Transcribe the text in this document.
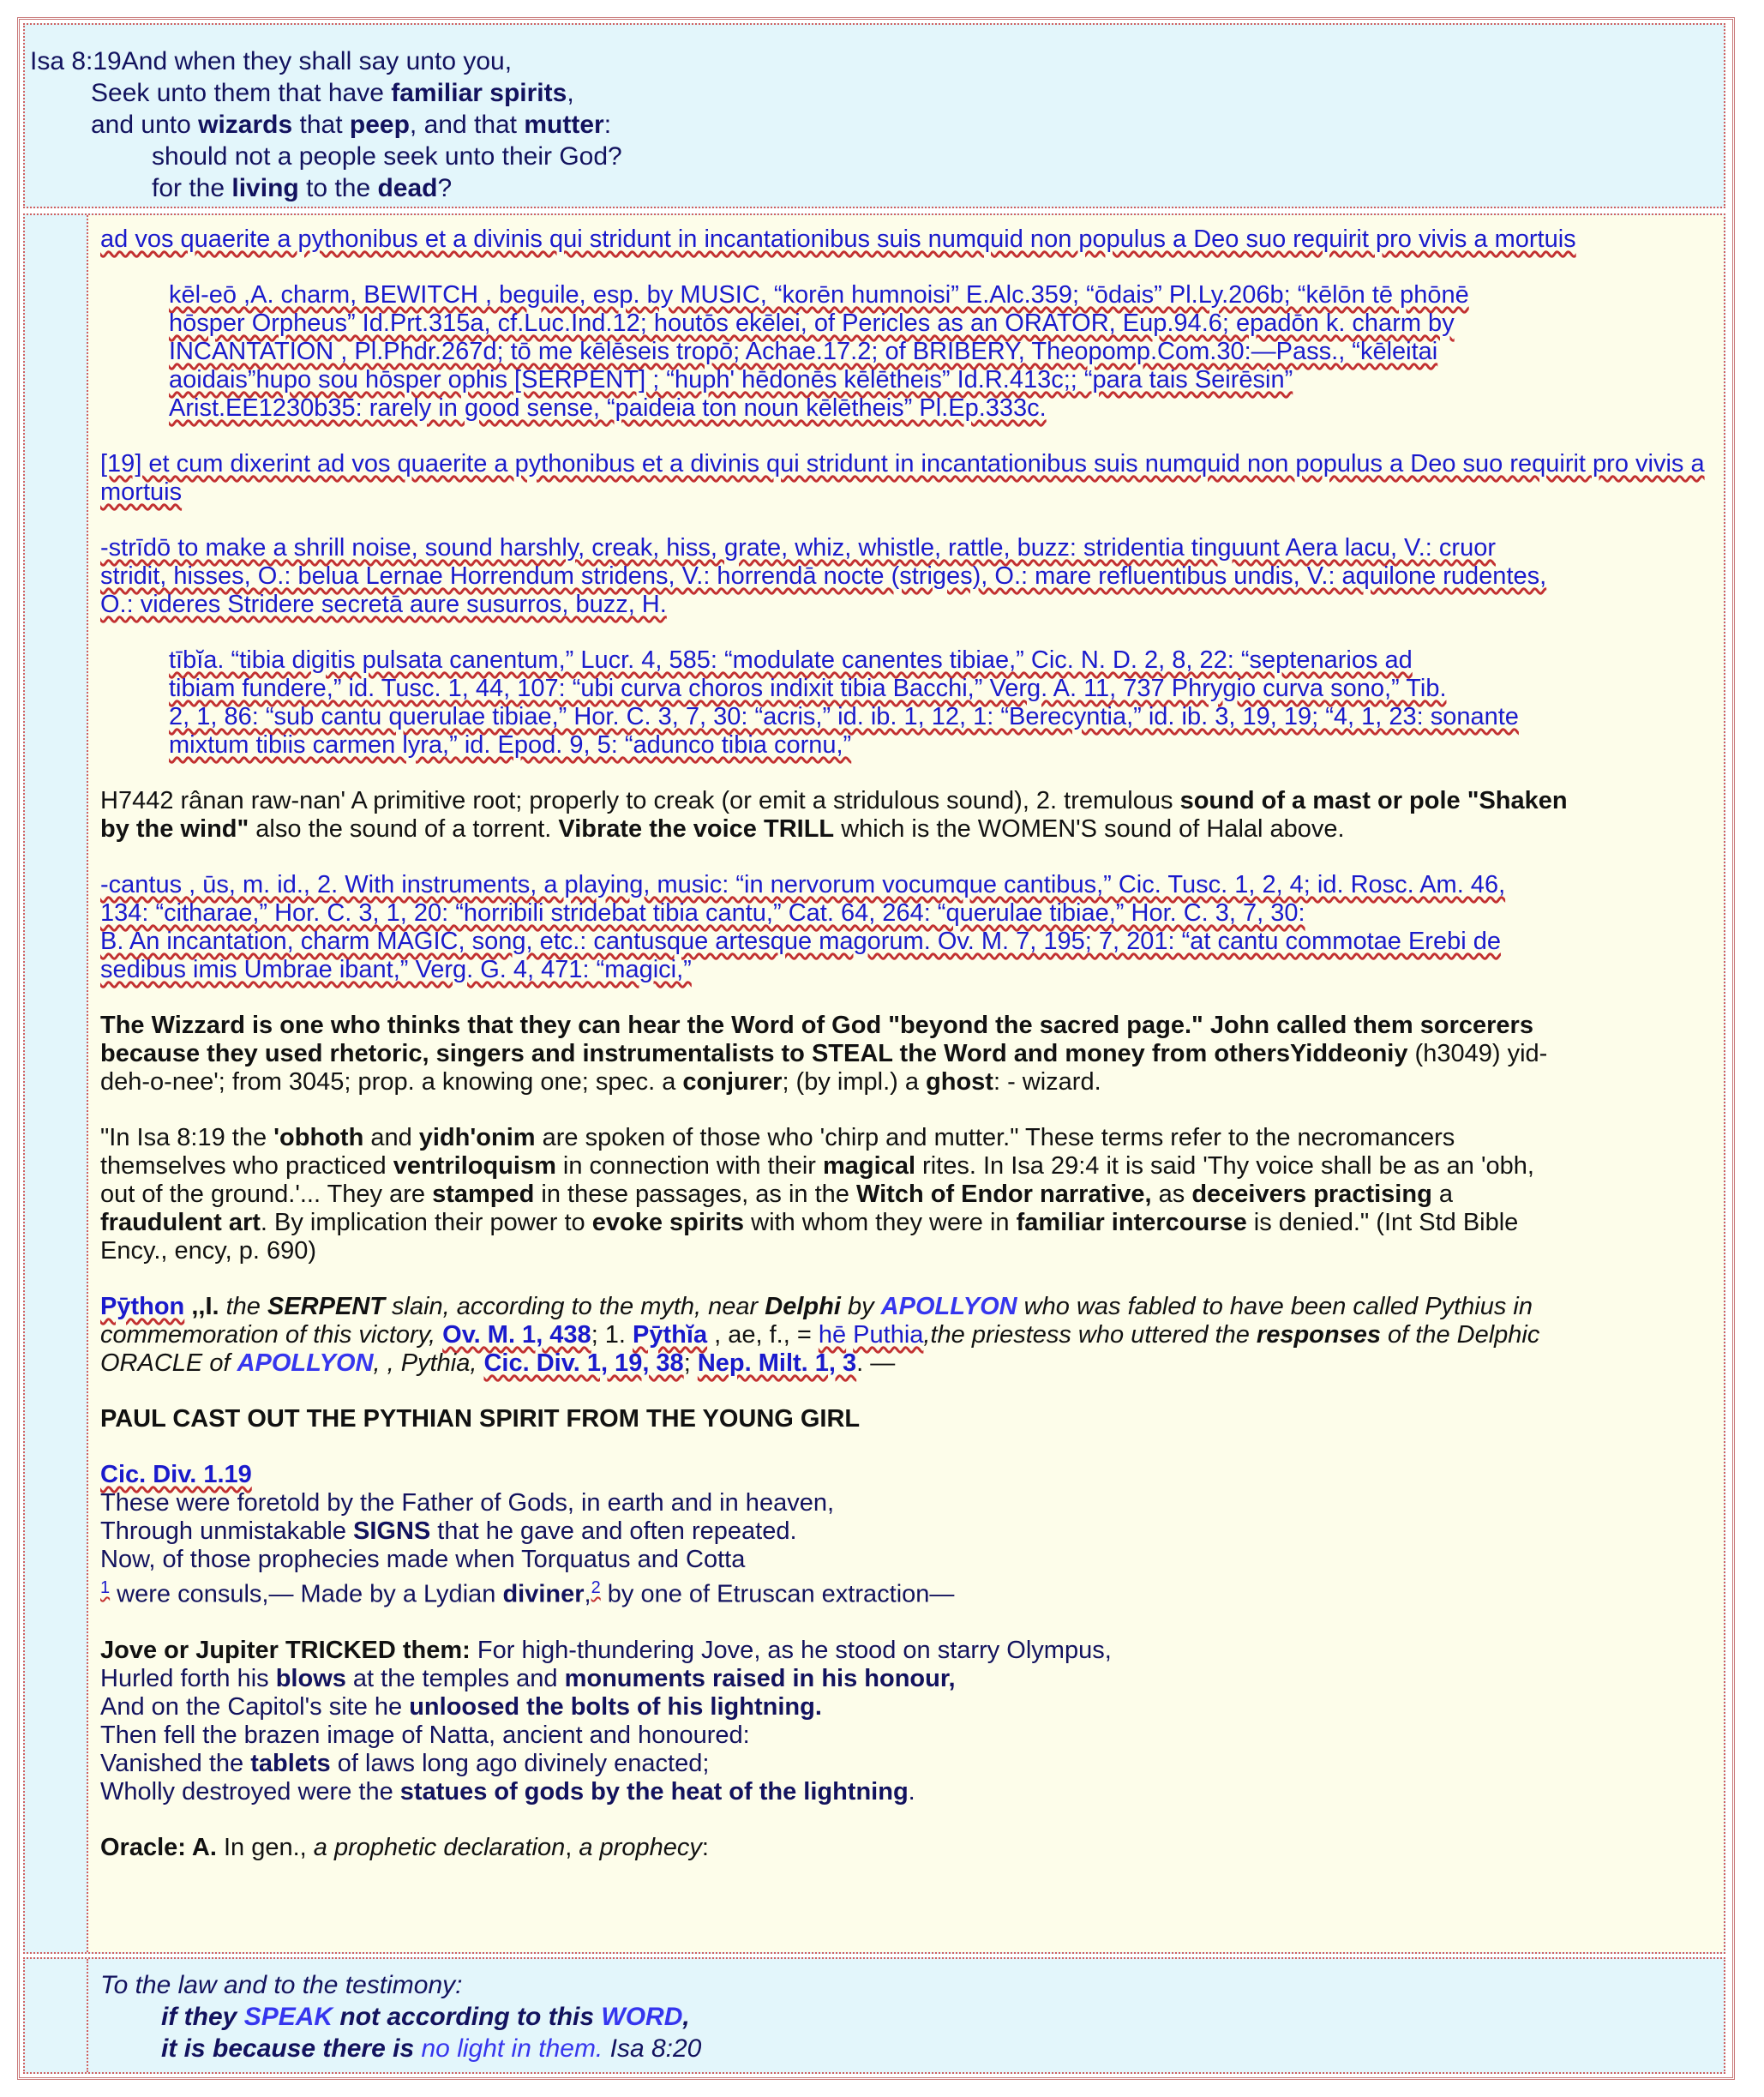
Isa 8:19And when they shall say unto you,
Seek unto them that have familiar spirits,
and unto wizards that peep, and that mutter:
should not a people seek unto their God?
for the living to the dead?
ad vos quaerite a pythonibus et a divinis qui stridunt in incantationibus suis numquid non populus a Deo suo requirit pro vivis a mortuis
kēl-eō ,A. charm, BEWITCH , beguile, esp. by MUSIC, “korēn humnoisi” E.Alc.359; “ōdais” Pl.Ly.206b; “kēlōn tē phōnē
hōsper Orpheus” Id.Prt.315a, cf.Luc.Ind.12; houtōs ekēlei, of Pericles as an ORATOR, Eup.94.6; epadōn k. charm by
INCANTATION , Pl.Phdr.267d; tō me kēlēseis tropō; Achae.17.2; of BRIBERY, Theopomp.Com.30:—Pass., “kēleitai
aoidais”hupo sou hōsper ophis [SERPENT] ; “huph' hēdonēs kēlētheis” Id.R.413c;; “para tais Seirēsin”
Arist.EE1230b35: rarely in good sense, “paideia ton noun kēlētheis” Pl.Ep.333c.
[19] et cum dixerint ad vos quaerite a pythonibus et a divinis qui stridunt in incantationibus suis numquid non populus a Deo suo requirit pro vivis a mortuis
-strīdō to make a shrill noise, sound harshly, creak, hiss, grate, whiz, whistle, rattle, buzz: stridentia tinguunt Aera lacu, V.: cruor
stridit, hisses, O.: belua Lernae Horrendum stridens, V.: horrendā nocte (striges), O.: mare refluentibus undis, V.: aquilone rudentes,
O.: videres Stridere secretā aure susurros, buzz, H.
tībĭa. “tibia digitis pulsata canentum,” Lucr. 4, 585: “modulate canentes tibiae,” Cic. N. D. 2, 8, 22: “septenarios ad
tibiam fundere,” id. Tusc. 1, 44, 107: “ubi curva choros indixit tibia Bacchi,” Verg. A. 11, 737 Phrygio curva sono,” Tib.
2, 1, 86: “sub cantu querulae tibiae,” Hor. C. 3, 7, 30: “acris,” id. ib. 1, 12, 1: “Berecyntia,” id. ib. 3, 19, 19; “4, 1, 23: sonante
mixtum tibiis carmen lyra,” id. Epod. 9, 5: “adunco tibia cornu,”
H7442 rânan raw-nan' A primitive root; properly to creak (or emit a stridulous sound), 2. tremulous sound of a mast or pole "Shaken
by the wind" also the sound of a torrent. Vibrate the voice TRILL which is the WOMEN'S sound of Halal above.
-cantus , ūs, m. id., 2. With instruments, a playing, music: “in nervorum vocumque cantibus,” Cic. Tusc. 1, 2, 4; id. Rosc. Am. 46,
134: “citharae,” Hor. C. 3, 1, 20: “horribili stridebat tibia cantu,” Cat. 64, 264: “querulae tibiae,” Hor. C. 3, 7, 30:
B. An incantation, charm MAGIC, song, etc.: cantusque artesque magorum. Ov. M. 7, 195; 7, 201: “at cantu commotae Erebi de
sedibus imis Umbrae ibant,” Verg. G. 4, 471: “magici,”
The Wizzard is one who thinks that they can hear the Word of God "beyond the sacred page." John called them sorcerers
because they used rhetoric, singers and instrumentalists to STEAL the Word and money from othersYiddeoniy (h3049) yid-
deh-o-nee'; from 3045; prop. a knowing one; spec. a conjurer; (by impl.) a ghost: - wizard.
"In Isa 8:19 the 'obhoth and yidh'onim are spoken of those who 'chirp and mutter." These terms refer to the necromancers
themselves who practiced ventriloquism in connection with their magical rites. In Isa 29:4 it is said 'Thy voice shall be as an 'obh,
out of the ground.'... They are stamped in these passages, as in the Witch of Endor narrative, as deceivers practising a
fraudulent art. By implication their power to evoke spirits with whom they were in familiar intercourse is denied." (Int Std Bible
Ency., ency, p. 690)
Pȳthon ,,I. the SERPENT slain, according to the myth, near Delphi by APOLLYON who was fabled to have been called Pythius in
commemoration of this victory, Ov. M. 1, 438; 1. Pȳthĭa , ae, f., = hē Puthia,the priestess who uttered the responses of the Delphic
ORACLE of APOLLYON, , Pythia, Cic. Div. 1, 19, 38; Nep. Milt. 1, 3. —
PAUL CAST OUT THE PYTHIAN SPIRIT FROM THE YOUNG GIRL
Cic. Div. 1.19
These were foretold by the Father of Gods, in earth and in heaven,
Through unmistakable SIGNS that he gave and often repeated.
Now, of those prophecies made when Torquatus and Cotta
$^1$ were consuls,— Made by a Lydian diviner,$^2$ by one of Etruscan extraction—
Jove or Jupiter TRICKED them: For high-thundering Jove, as he stood on starry Olympus,
Hurled forth his blows at the temples and monuments raised in his honour,
And on the Capitol's site he unloosed the bolts of his lightning.
Then fell the brazen image of Natta, ancient and honoured:
Vanished the tablets of laws long ago divinely enacted;
Wholly destroyed were the statues of gods by the heat of the lightning.
Oracle: A. In gen., a prophetic declaration, a prophecy:
To the law and to the testimony:
if they SPEAK not according to this WORD,
it is because there is no light in them. Isa 8:20
